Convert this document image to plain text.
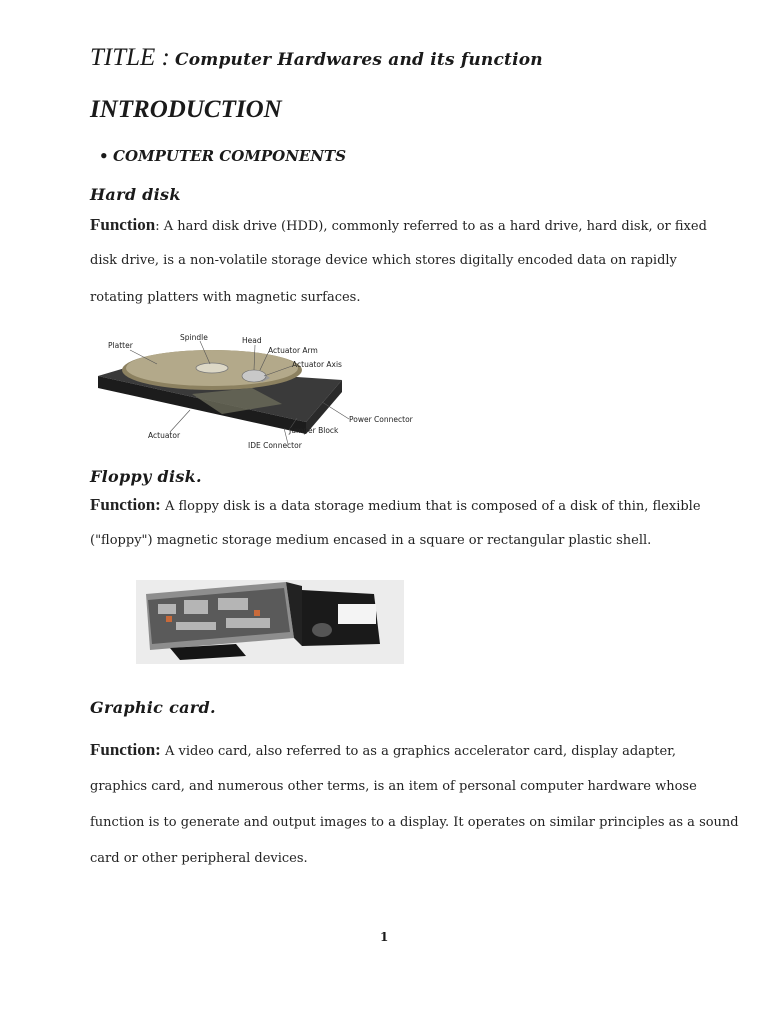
TITLE : Computer Hardwares and its function
INTRODUCTION
• COMPUTER COMPONENTS
Hard disk
Function: A hard disk drive (HDD), commonly referred to as a hard drive, hard disk, or fixed
disk drive, is a non-volatile storage device which stores digitally encoded data on rapidly
rotating platters with magnetic surfaces.
Platter
Spindle	Head
Actuator Arm
Actuator Axis
Power Connector
Jumper Block
Actuator
IDE Connector
Floppy disk.
Function: A floppy disk is a data storage medium that is composed of a disk of thin, flexible
("floppy") magnetic storage medium encased in a square or rectangular plastic shell.
Graphic card.
Function: A video card, also referred to as a graphics accelerator card, display adapter,
graphics card, and numerous other terms, is an item of personal computer hardware whose
function is to generate and output images to a display. It operates on similar principles as a sound
card or other peripheral devices.
1
